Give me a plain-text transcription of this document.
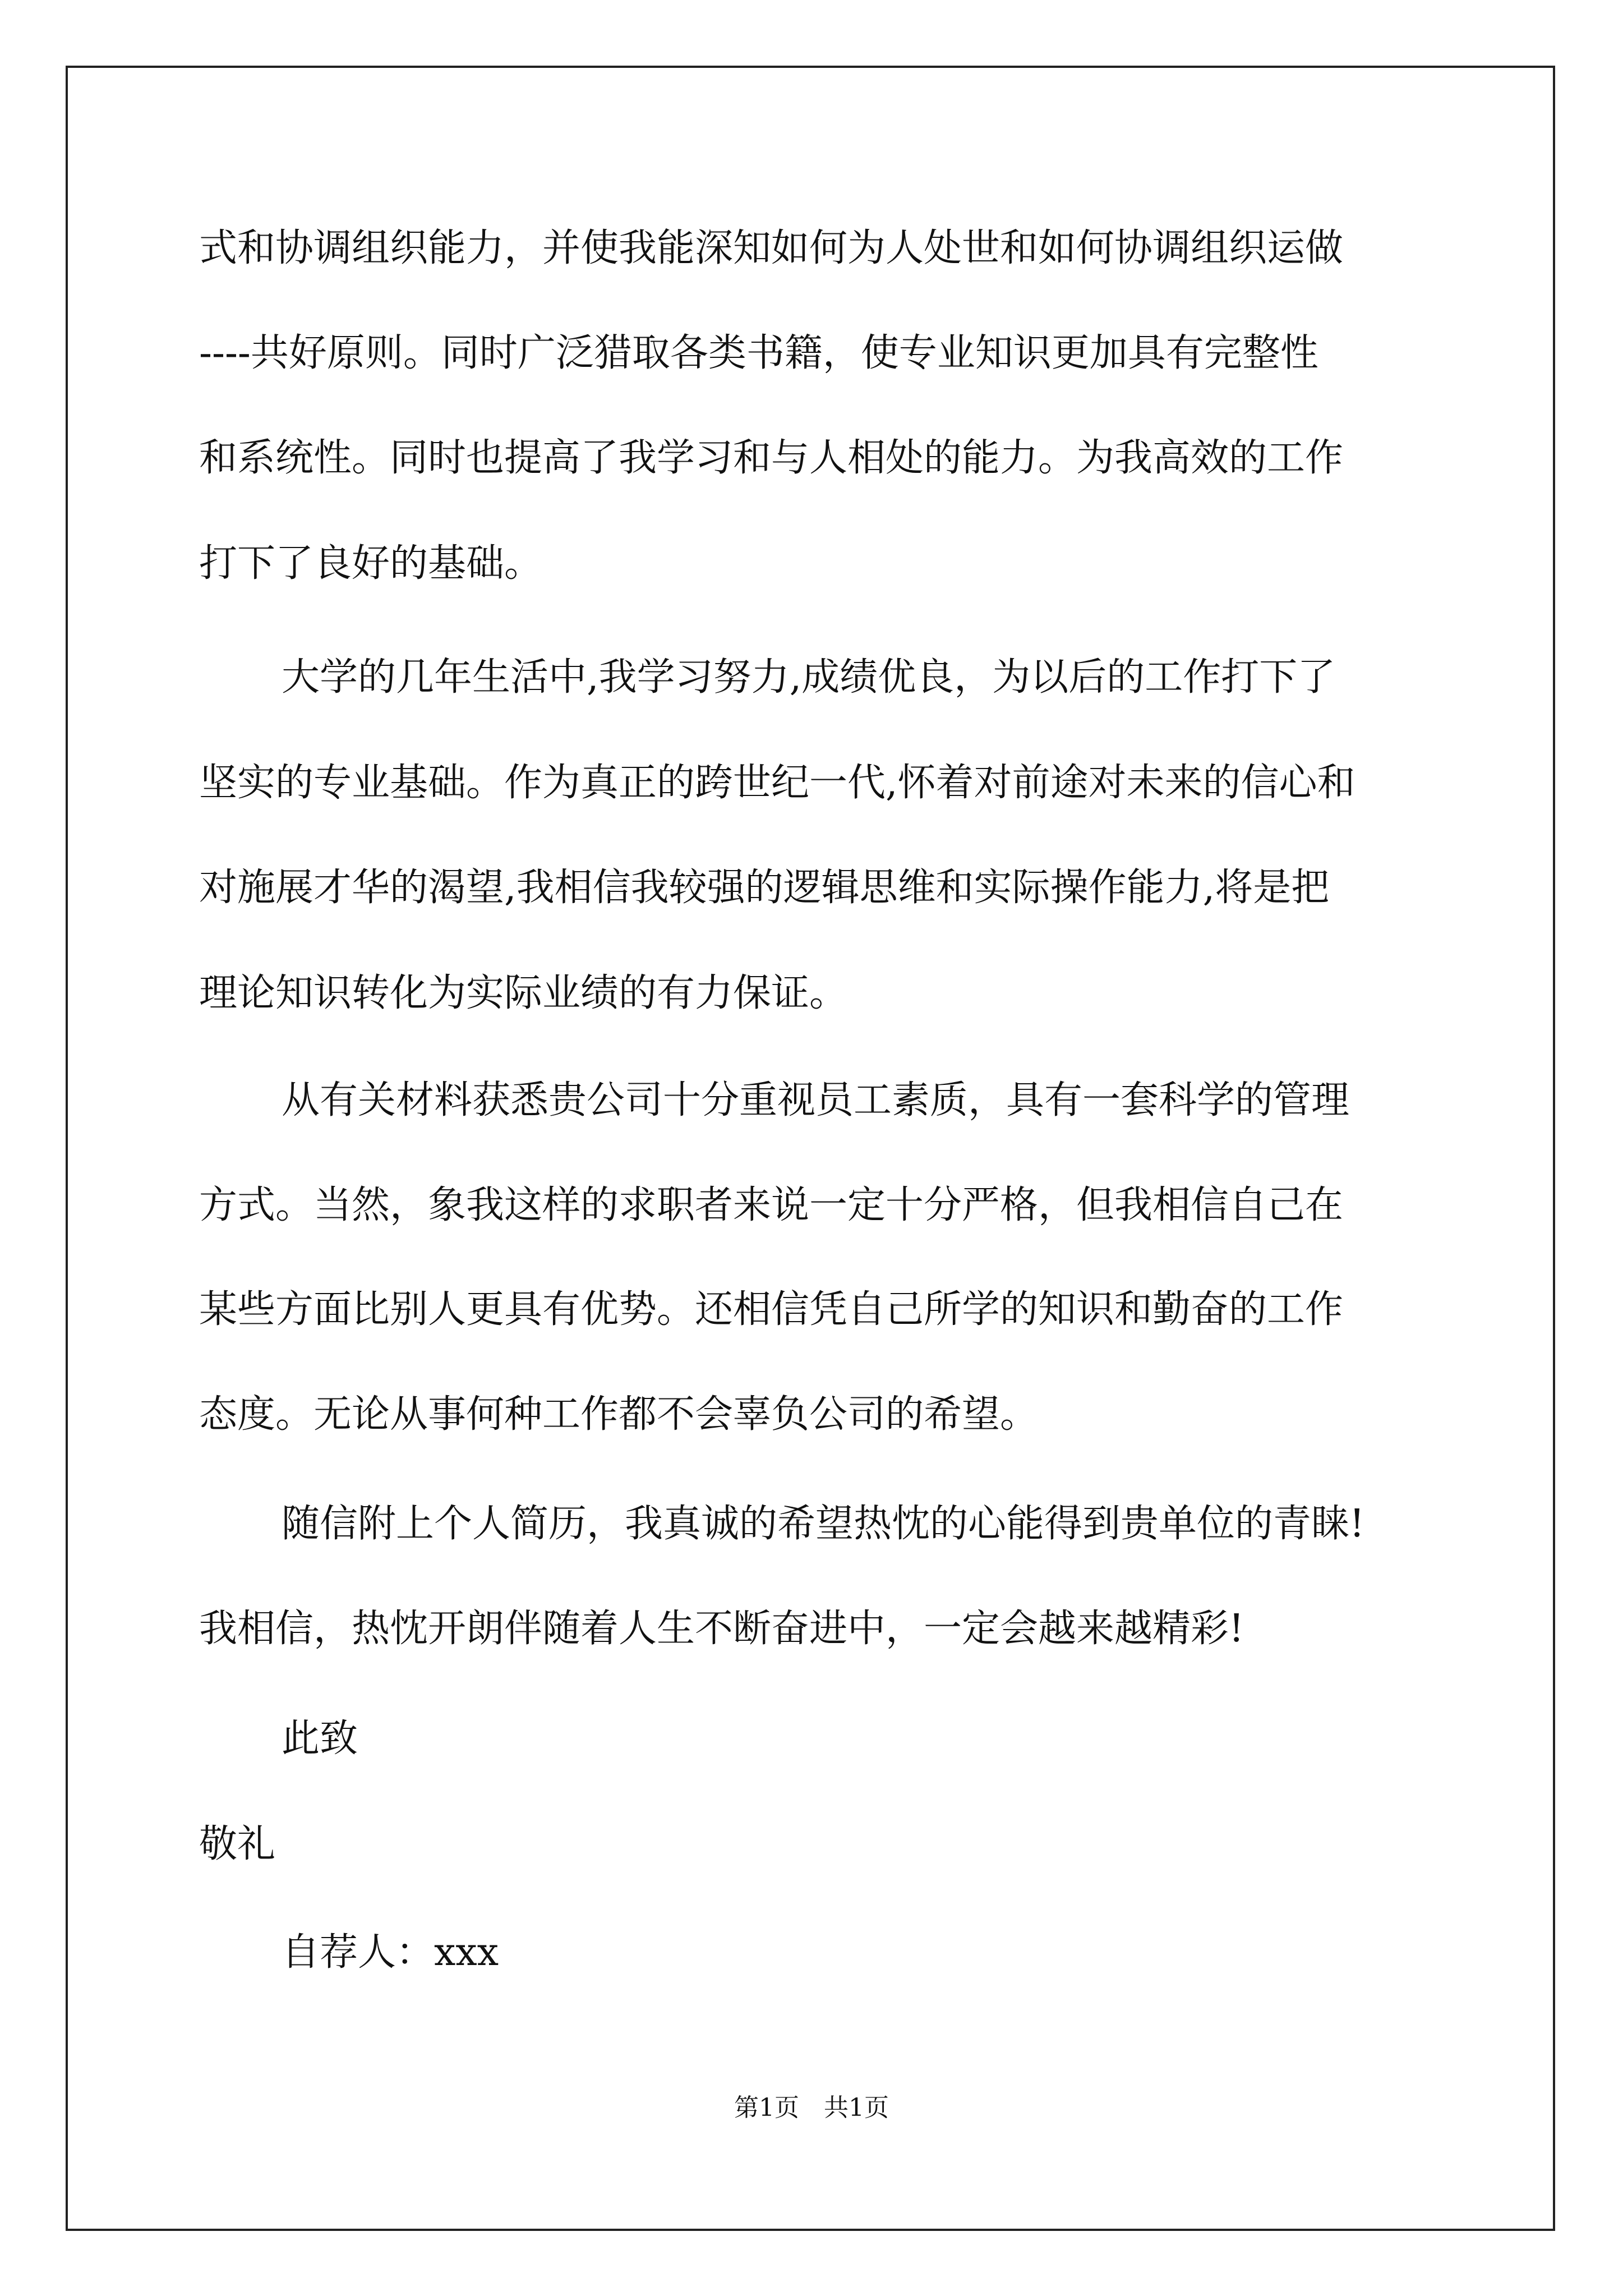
式和协调组织能力，并使我能深知如何为人处世和如何协调组织运做

----共好原则。同时广泛猎取各类书籍，使专业知识更加具有完整性

和系统性。同时也提高了我学习和与人相处的能力。为我高效的工作

打下了良好的基础。

大学的几年生活中,我学习努力,成绩优良，为以后的工作打下了

坚实的专业基础。作为真正的跨世纪一代,怀着对前途对未来的信心和

对施展才华的渴望,我相信我较强的逻辑思维和实际操作能力,将是把

理论知识转化为实际业绩的有力保证。

从有关材料获悉贵公司十分重视员工素质，具有一套科学的管理

方式。当然，象我这样的求职者来说一定十分严格，但我相信自己在

某些方面比别人更具有优势。还相信凭自己所学的知识和勤奋的工作

态度。无论从事何种工作都不会辜负公司的希望。

随信附上个人简历，我真诚的希望热忱的心能得到贵单位的青睐!

我相信，热忱开朗伴随着人生不断奋进中，一定会越来越精彩!

此致

敬礼

自荐人：xxx

第1页　共1页
